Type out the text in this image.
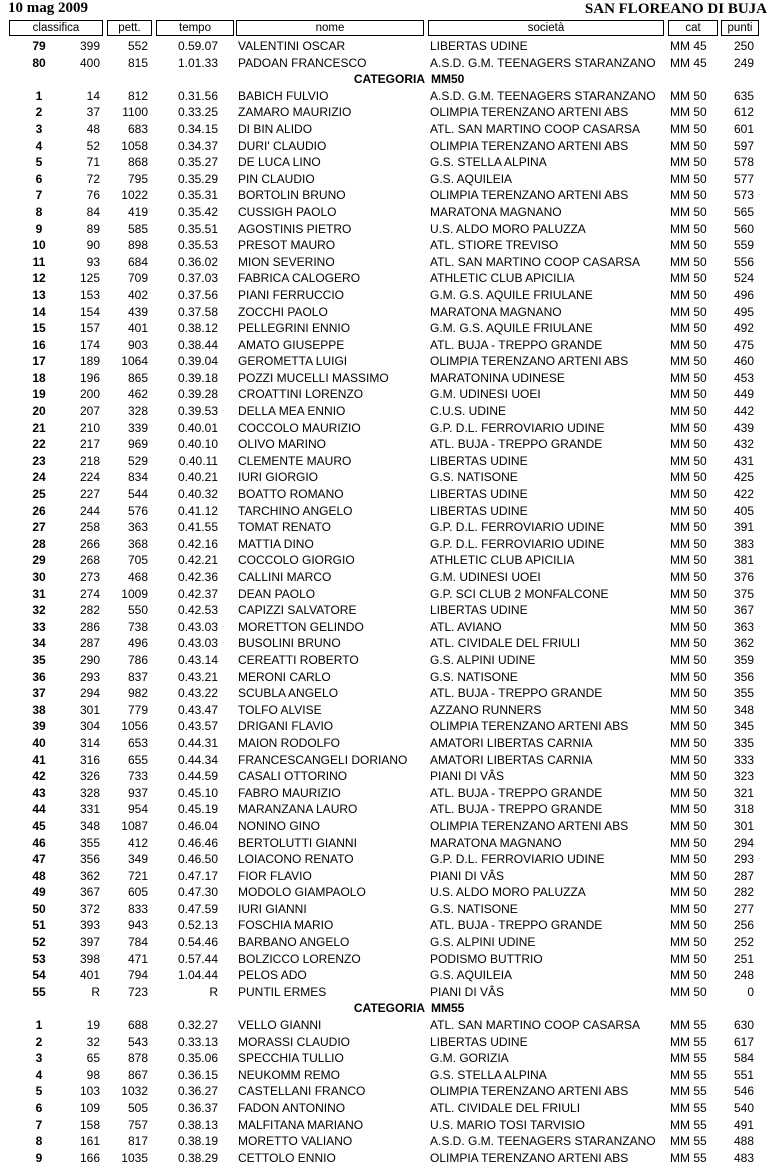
10 mag 2009	SAN FLOREANO DI BUJA
classifica	pett.	tempo	nome	società	cat	punti
79	399	552	0.59.07 VALENTINI OSCAR	LIBERTAS UDINE	MM 45	250
80	400	815	1.01.33 PADOAN FRANCESCO	A.S.D. G.M. TEENAGERS STARANZANO	MM 45	249
CATEGORIA MM50
1	14	812	0.31.56 BABICH FULVIO	A.S.D. G.M. TEENAGERS STARANZANO	MM 50	635
2	37	1100	0.33.25 ZAMARO MAURIZIO	OLIMPIA TERENZANO ARTENI ABS	MM 50	612
3	48	683	0.34.15 DI BIN ALIDO	ATL. SAN MARTINO COOP CASARSA	MM 50	601
4	52	1058	0.34.37 DURI' CLAUDIO	OLIMPIA TERENZANO ARTENI ABS	MM 50	597
5	71	868	0.35.27 DE LUCA LINO	G.S. STELLA ALPINA	MM 50	578
6	72	795	0.35.29 PIN CLAUDIO	G.S. AQUILEIA	MM 50	577
7	76	1022	0.35.31 BORTOLIN BRUNO	OLIMPIA TERENZANO ARTENI ABS	MM 50	573
8	84	419	0.35.42 CUSSIGH PAOLO	MARATONA MAGNANO	MM 50	565
9	89	585	0.35.51 AGOSTINIS PIETRO	U.S. ALDO MORO PALUZZA	MM 50	560
10	90	898	0.35.53 PRESOT MAURO	ATL. STIORE TREVISO	MM 50	559
11	93	684	0.36.02 MION SEVERINO	ATL. SAN MARTINO COOP CASARSA	MM 50	556
12	125	709	0.37.03 FABRICA CALOGERO	ATHLETIC CLUB APICILIA	MM 50	524
13	153	402	0.37.56 PIANI FERRUCCIO	G.M. G.S. AQUILE FRIULANE	MM 50	496
14	154	439	0.37.58 ZOCCHI PAOLO	MARATONA MAGNANO	MM 50	495
15	157	401	0.38.12 PELLEGRINI ENNIO	G.M. G.S. AQUILE FRIULANE	MM 50	492
16	174	903	0.38.44 AMATO GIUSEPPE	ATL. BUJA - TREPPO GRANDE	MM 50	475
17	189	1064	0.39.04 GEROMETTA LUIGI	OLIMPIA TERENZANO ARTENI ABS	MM 50	460
18	196	865	0.39.18 POZZI MUCELLI MASSIMO	MARATONINA UDINESE	MM 50	453
19	200	462	0.39.28 CROATTINI LORENZO	G.M. UDINESI UOEI	MM 50	449
20	207	328	0.39.53 DELLA MEA ENNIO	C.U.S. UDINE	MM 50	442
21	210	339	0.40.01 COCCOLO MAURIZIO	G.P. D.L. FERROVIARIO UDINE	MM 50	439
22	217	969	0.40.10 OLIVO MARINO	ATL. BUJA - TREPPO GRANDE	MM 50	432
23	218	529	0.40.11 CLEMENTE MAURO	LIBERTAS UDINE	MM 50	431
24	224	834	0.40.21 IURI GIORGIO	G.S. NATISONE	MM 50	425
25	227	544	0.40.32 BOATTO ROMANO	LIBERTAS UDINE	MM 50	422
26	244	576	0.41.12 TARCHINO ANGELO	LIBERTAS UDINE	MM 50	405
27	258	363	0.41.55 TOMAT RENATO	G.P. D.L. FERROVIARIO UDINE	MM 50	391
28	266	368	0.42.16 MATTIA DINO	G.P. D.L. FERROVIARIO UDINE	MM 50	383
29	268	705	0.42.21 COCCOLO GIORGIO	ATHLETIC CLUB APICILIA	MM 50	381
30	273	468	0.42.36 CALLINI MARCO	G.M. UDINESI UOEI	MM 50	376
31	274	1009	0.42.37 DEAN PAOLO	G.P. SCI CLUB 2 MONFALCONE	MM 50	375
32	282	550	0.42.53 CAPIZZI SALVATORE	LIBERTAS UDINE	MM 50	367
33	286	738	0.43.03 MORETTON GELINDO	ATL. AVIANO	MM 50	363
34	287	496	0.43.03 BUSOLINI BRUNO	ATL. CIVIDALE DEL FRIULI	MM 50	362
35	290	786	0.43.14 CEREATTI ROBERTO	G.S. ALPINI UDINE	MM 50	359
36	293	837	0.43.21 MERONI CARLO	G.S. NATISONE	MM 50	356
37	294	982	0.43.22 SCUBLA ANGELO	ATL. BUJA - TREPPO GRANDE	MM 50	355
38	301	779	0.43.47 TOLFO ALVISE	AZZANO RUNNERS	MM 50	348
39	304	1056	0.43.57 DRIGANI FLAVIO	OLIMPIA TERENZANO ARTENI ABS	MM 50	345
40	314	653	0.44.31 MAION RODOLFO	AMATORI LIBERTAS CARNIA	MM 50	335
41	316	655	0.44.34 FRANCESCANGELI DORIANO	AMATORI LIBERTAS CARNIA	MM 50	333
42	326	733	0.44.59 CASALI OTTORINO	PIANI DI VÂS	MM 50	323
43	328	937	0.45.10 FABRO MAURIZIO	ATL. BUJA - TREPPO GRANDE	MM 50	321
44	331	954	0.45.19 MARANZANA LAURO	ATL. BUJA - TREPPO GRANDE	MM 50	318
45	348	1087	0.46.04 NONINO GINO	OLIMPIA TERENZANO ARTENI ABS	MM 50	301
46	355	412	0.46.46 BERTOLUTTI GIANNI	MARATONA MAGNANO	MM 50	294
47	356	349	0.46.50 LOIACONO RENATO	G.P. D.L. FERROVIARIO UDINE	MM 50	293
48	362	721	0.47.17 FIOR FLAVIO	PIANI DI VÂS	MM 50	287
49	367	605	0.47.30 MODOLO GIAMPAOLO	U.S. ALDO MORO PALUZZA	MM 50	282
50	372	833	0.47.59 IURI GIANNI	G.S. NATISONE	MM 50	277
51	393	943	0.52.13 FOSCHIA MARIO	ATL. BUJA - TREPPO GRANDE	MM 50	256
52	397	784	0.54.46 BARBANO ANGELO	G.S. ALPINI UDINE	MM 50	252
53	398	471	0.57.44 BOLZICCO LORENZO	PODISMO BUTTRIO	MM 50	251
54	401	794	1.04.44 PELOS ADO	G.S. AQUILEIA	MM 50	248
55	R	723	R PUNTIL ERMES	PIANI DI VÂS	MM 50	0
CATEGORIA MM55
1	19	688	0.32.27 VELLO GIANNI	ATL. SAN MARTINO COOP CASARSA	MM 55	630
2	32	543	0.33.13 MORASSI CLAUDIO	LIBERTAS UDINE	MM 55	617
3	65	878	0.35.06 SPECCHIA TULLIO	G.M. GORIZIA	MM 55	584
4	98	867	0.36.15 NEUKOMM REMO	G.S. STELLA ALPINA	MM 55	551
5	103	1032	0.36.27 CASTELLANI FRANCO	OLIMPIA TERENZANO ARTENI ABS	MM 55	546
6	109	505	0.36.37 FADON ANTONINO	ATL. CIVIDALE DEL FRIULI	MM 55	540
7	158	757	0.38.13 MALFITANA MARIANO	U.S. MARIO TOSI TARVISIO	MM 55	491
8	161	817	0.38.19 MORETTO VALIANO	A.S.D. G.M. TEENAGERS STARANZANO	MM 55	488
9	166	1035	0.38.29 CETTOLO ENNIO	OLIMPIA TERENZANO ARTENI ABS	MM 55	483
